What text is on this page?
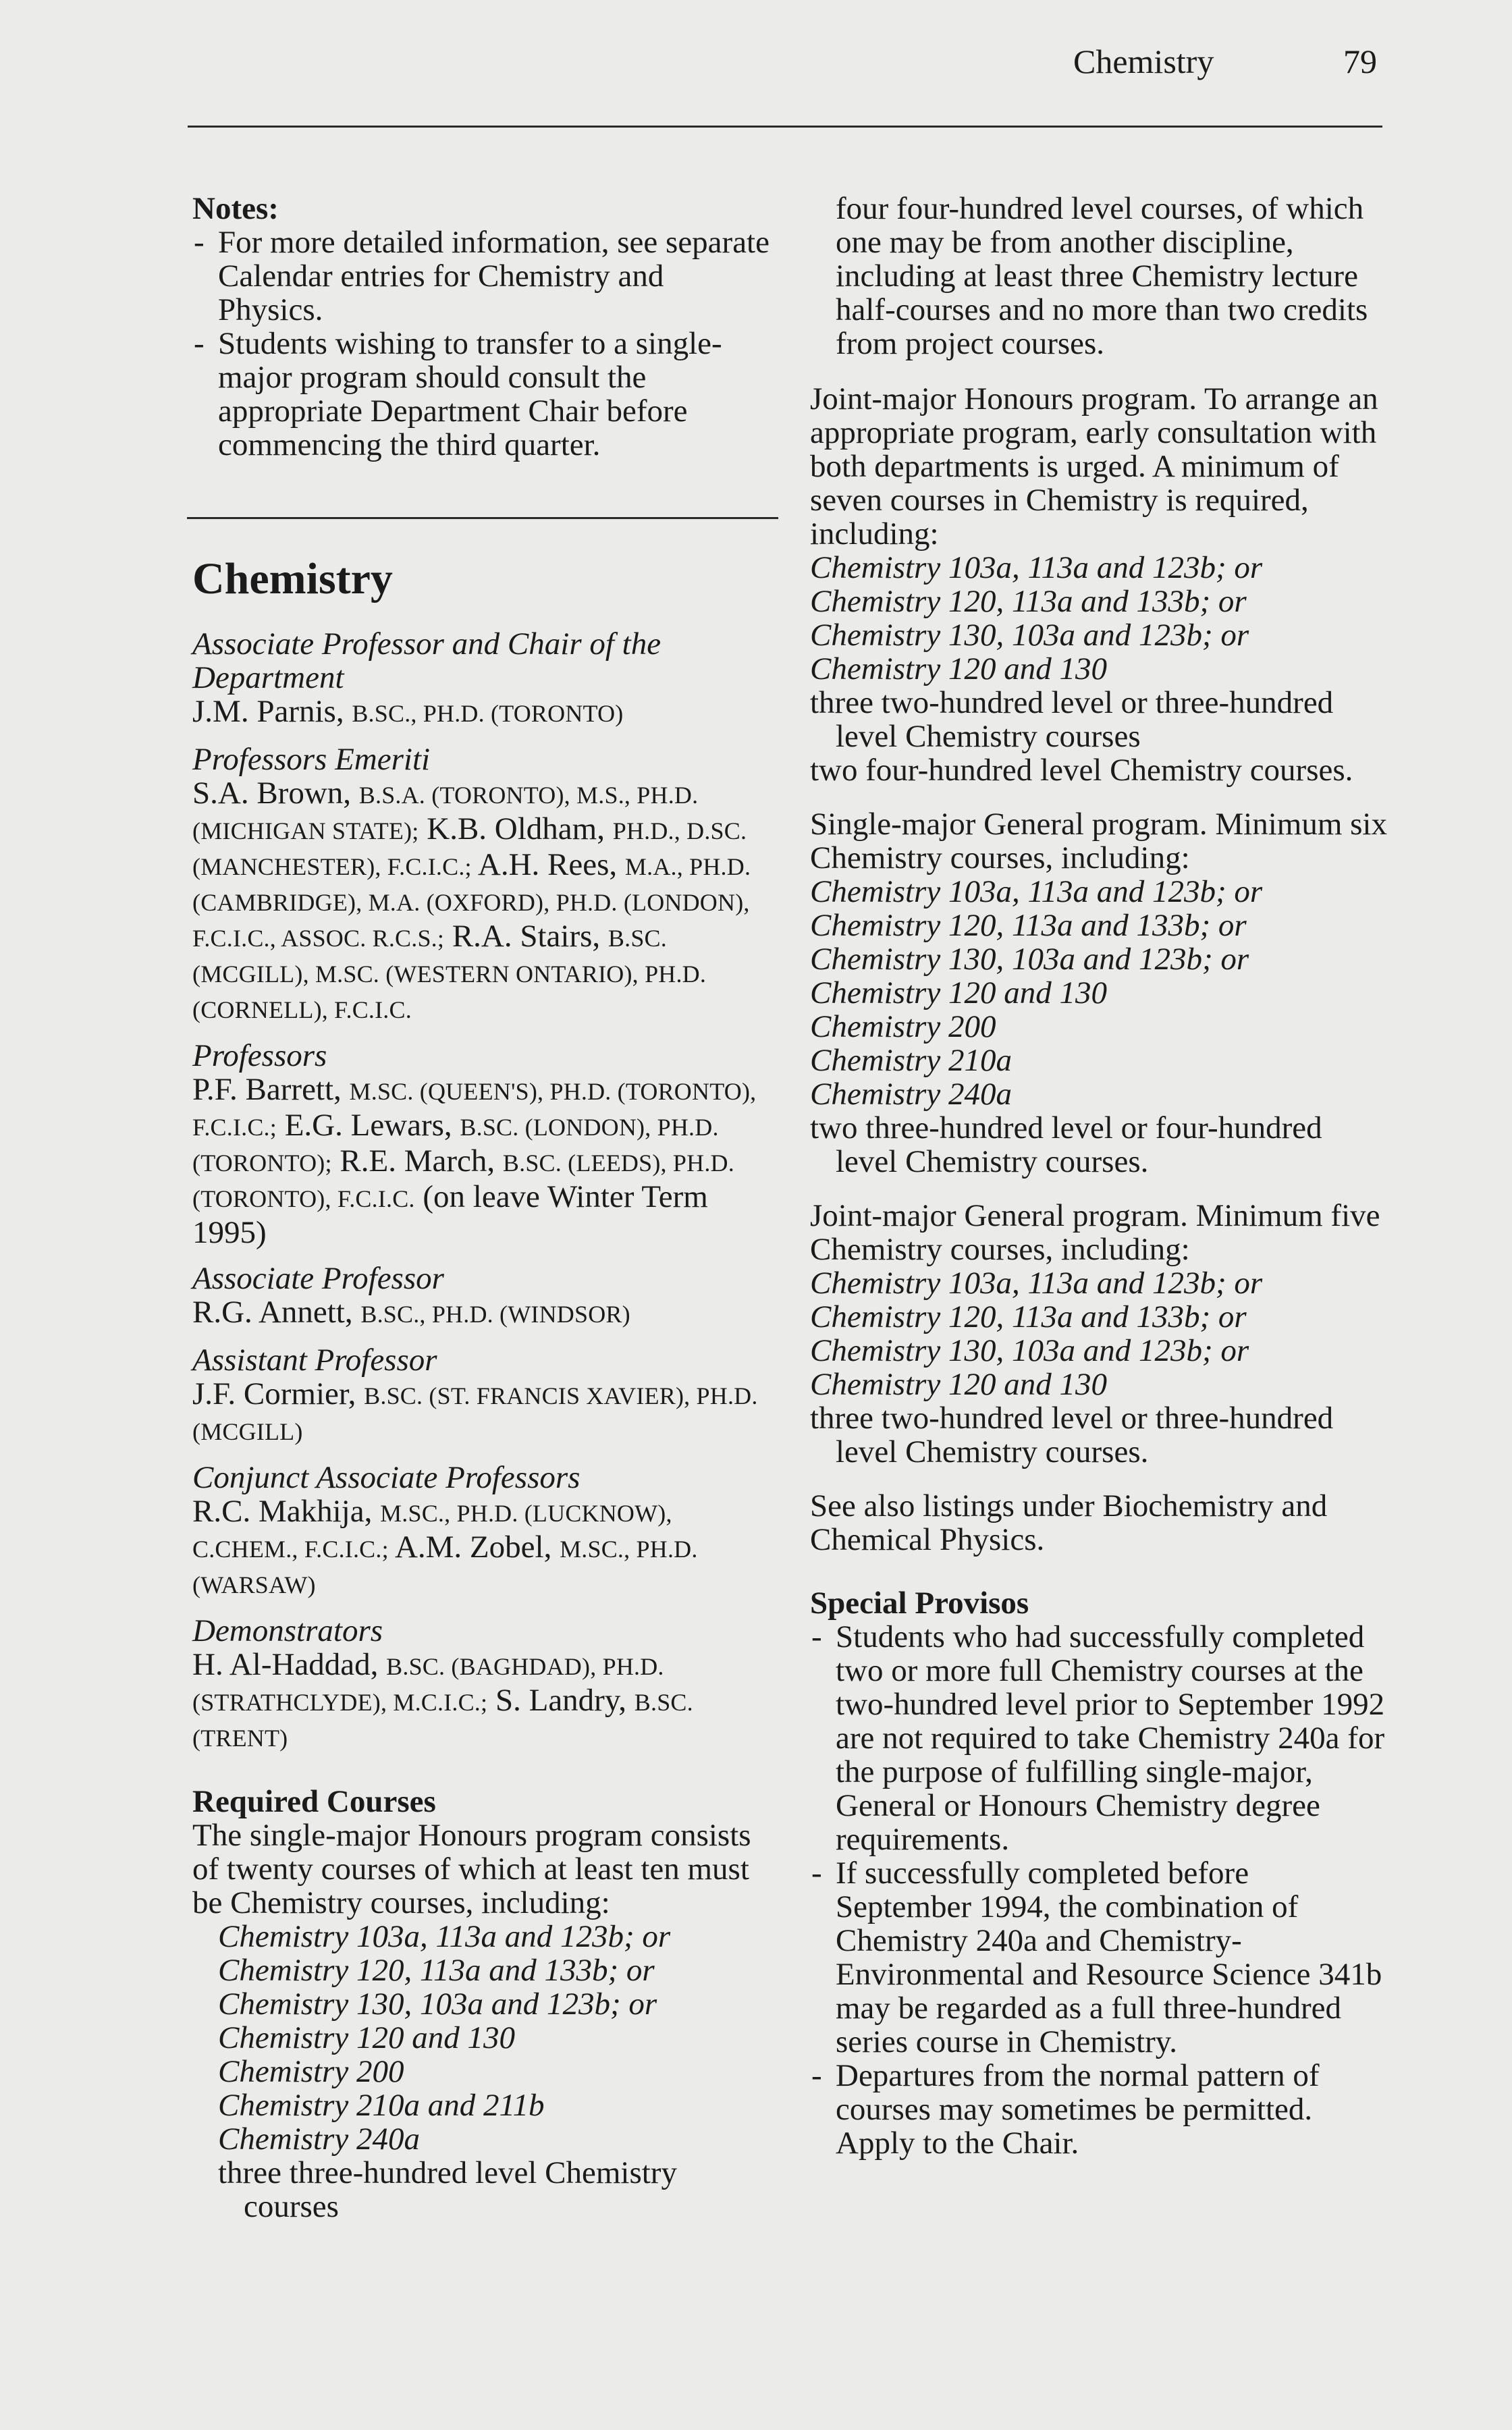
Chemistry	79
Notes:
- For more detailed information, see separate Calendar entries for Chemistry and Physics.
- Students wishing to transfer to a single-major program should consult the appropriate Department Chair before commencing the third quarter.
Chemistry
Associate Professor and Chair of the Department
J.M. Parnis, B.SC., PH.D. (TORONTO)
Professors Emeriti
S.A. Brown, B.S.A. (TORONTO), M.S., PH.D. (MICHIGAN STATE); K.B. Oldham, PH.D., D.SC. (MANCHESTER), F.C.I.C.; A.H. Rees, M.A., PH.D. (CAMBRIDGE), M.A. (OXFORD), PH.D. (LONDON), F.C.I.C., ASSOC. R.C.S.; R.A. Stairs, B.SC. (MCGILL), M.SC. (WESTERN ONTARIO), PH.D. (CORNELL), F.C.I.C.
Professors
P.F. Barrett, M.SC. (QUEEN'S), PH.D. (TORONTO), F.C.I.C.; E.G. Lewars, B.SC. (LONDON), PH.D. (TORONTO); R.E. March, B.SC. (LEEDS), PH.D. (TORONTO), F.C.I.C. (on leave Winter Term 1995)
Associate Professor
R.G. Annett, B.SC., PH.D. (WINDSOR)
Assistant Professor
J.F. Cormier, B.SC. (ST. FRANCIS XAVIER), PH.D. (MCGILL)
Conjunct Associate Professors
R.C. Makhija, M.SC., PH.D. (LUCKNOW), C.CHEM., F.C.I.C.; A.M. Zobel, M.SC., PH.D. (WARSAW)
Demonstrators
H. Al-Haddad, B.SC. (BAGHDAD), PH.D. (STRATHCLYDE), M.C.I.C.; S. Landry, B.SC. (TRENT)
Required Courses
The single-major Honours program consists of twenty courses of which at least ten must be Chemistry courses, including:
Chemistry 103a, 113a and 123b; or
Chemistry 120, 113a and 133b; or
Chemistry 130, 103a and 123b; or
Chemistry 120 and 130
Chemistry 200
Chemistry 210a and 211b
Chemistry 240a
three three-hundred level Chemistry courses
four four-hundred level courses, of which one may be from another discipline, including at least three Chemistry lecture half-courses and no more than two credits from project courses.
Joint-major Honours program. To arrange an appropriate program, early consultation with both departments is urged. A minimum of seven courses in Chemistry is required, including:
Chemistry 103a, 113a and 123b; or
Chemistry 120, 113a and 133b; or
Chemistry 130, 103a and 123b; or
Chemistry 120 and 130
three two-hundred level or three-hundred level Chemistry courses
two four-hundred level Chemistry courses.
Single-major General program. Minimum six Chemistry courses, including:
Chemistry 103a, 113a and 123b; or
Chemistry 120, 113a and 133b; or
Chemistry 130, 103a and 123b; or
Chemistry 120 and 130
Chemistry 200
Chemistry 210a
Chemistry 240a
two three-hundred level or four-hundred level Chemistry courses.
Joint-major General program. Minimum five Chemistry courses, including:
Chemistry 103a, 113a and 123b; or
Chemistry 120, 113a and 133b; or
Chemistry 130, 103a and 123b; or
Chemistry 120 and 130
three two-hundred level or three-hundred level Chemistry courses.
See also listings under Biochemistry and Chemical Physics.
Special Provisos
- Students who had successfully completed two or more full Chemistry courses at the two-hundred level prior to September 1992 are not required to take Chemistry 240a for the purpose of fulfilling single-major, General or Honours Chemistry degree requirements.
- If successfully completed before September 1994, the combination of Chemistry 240a and Chemistry-Environmental and Resource Science 341b may be regarded as a full three-hundred series course in Chemistry.
- Departures from the normal pattern of courses may sometimes be permitted. Apply to the Chair.
